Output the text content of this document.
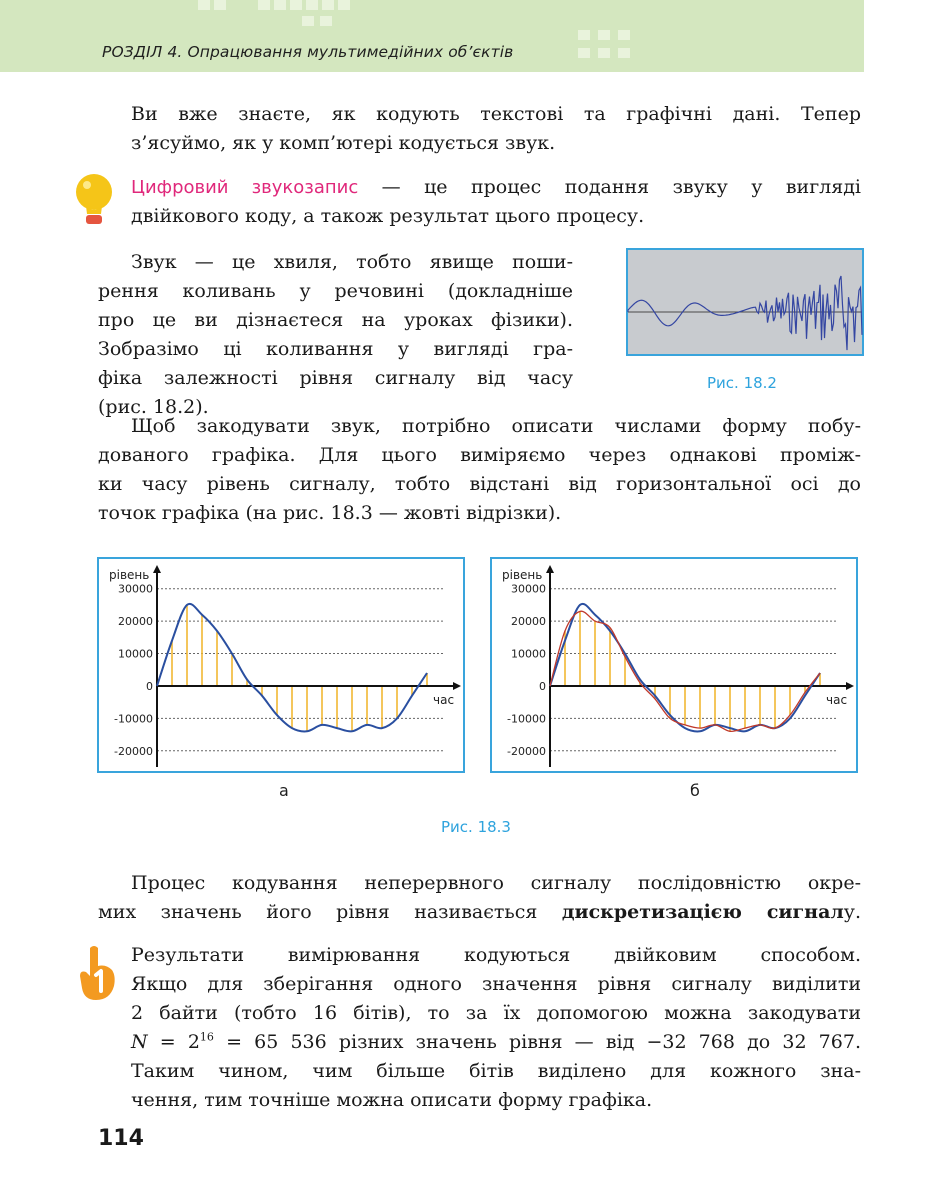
РОЗДІЛ 4. Опрацювання мультимедійних об’єктів
Ви вже знаєте, як кодують текстові та графічні дані. Тепер
з’ясуймо, як у комп’ютері кодується звук.
Цифровий звукозапис — це процес подання звуку у вигляді
двійкового коду, а також результат цього процесу.
Звук — це хвиля, тобто явище поши-
рення коливань у речовині (докладніше
про це ви дізнаєтеся на уроках фізики).
Зобразімо ці коливання у вигляді гра-
фіка залежності рівня сигналу від часу
(рис. 18.2).
Рис. 18.2
Щоб закодувати звук, потрібно описати числами форму побу-
дованого графіка. Для цього виміряємо через однакові проміж-
ки часу рівень сигналу, тобто відстані від горизонтальної осі до
точок графіка (на рис. 18.3 — жовті відрізки).
30000
20000
10000
0
-10000
-20000
рівень
час
30000
20000
10000
0
-10000
-20000
рівень
час
а	б
Рис. 18.3
Процес кодування неперервного сигналу послідовністю окре-
мих значень його рівня називається дискретизацією сигналу.
Результати вимірювання кодуються двійковим способом.
Якщо для зберігання одного значення рівня сигналу виділити
2 байти (тобто 16 бітів), то за їх допомогою можна закодувати
$N = 2^{16} = 65$ 536 різних значень рівня — від −32 768 до 32 767.
Таким чином, чим більше бітів виділено для кожного зна-
чення, тим точніше можна описати форму графіка.
114
